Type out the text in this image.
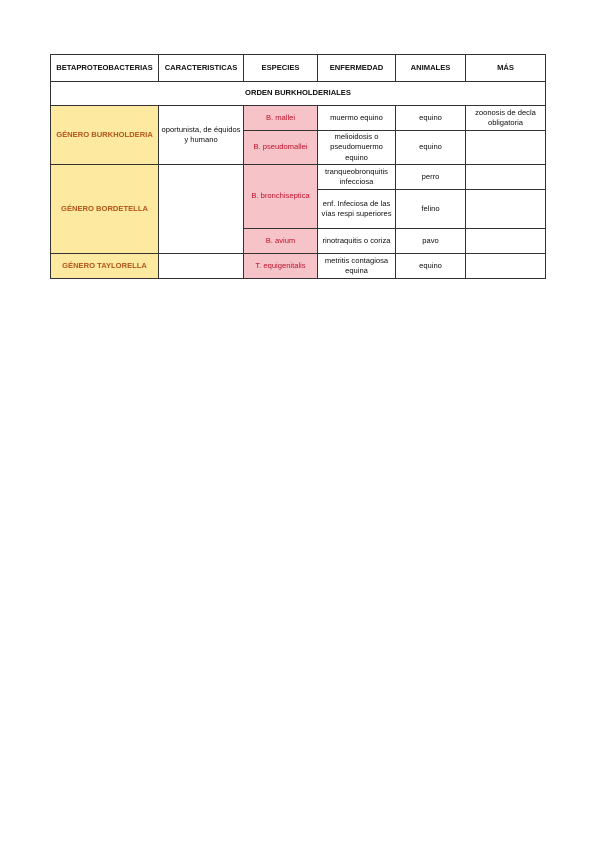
BETAPROTEOBACTERIAS	CARACTERISTICAS	ESPECIES	ENFERMEDAD	ANIMALES	MÁS
ORDEN BURKHOLDERIALES					
GÉNERO BURKHOLDERIA	oportunista, de équidos y humano	B. mallei	muermo equino	equino	zoonosis de decla obligatoria
		B. pseudomallei	melioidosis o pseudomuermo equino	equino	
GÉNERO BORDETELLA		B. bronchiseptica	tranqueobronquitis infecciosa	perro	
			enf. Infeciosa de las vías respi superiores	felino	
		B. avium	rinotraquitis o coriza	pavo	
GÉNERO TAYLORELLA		T. equigenitalis	metritis contagiosa equina	equino	
